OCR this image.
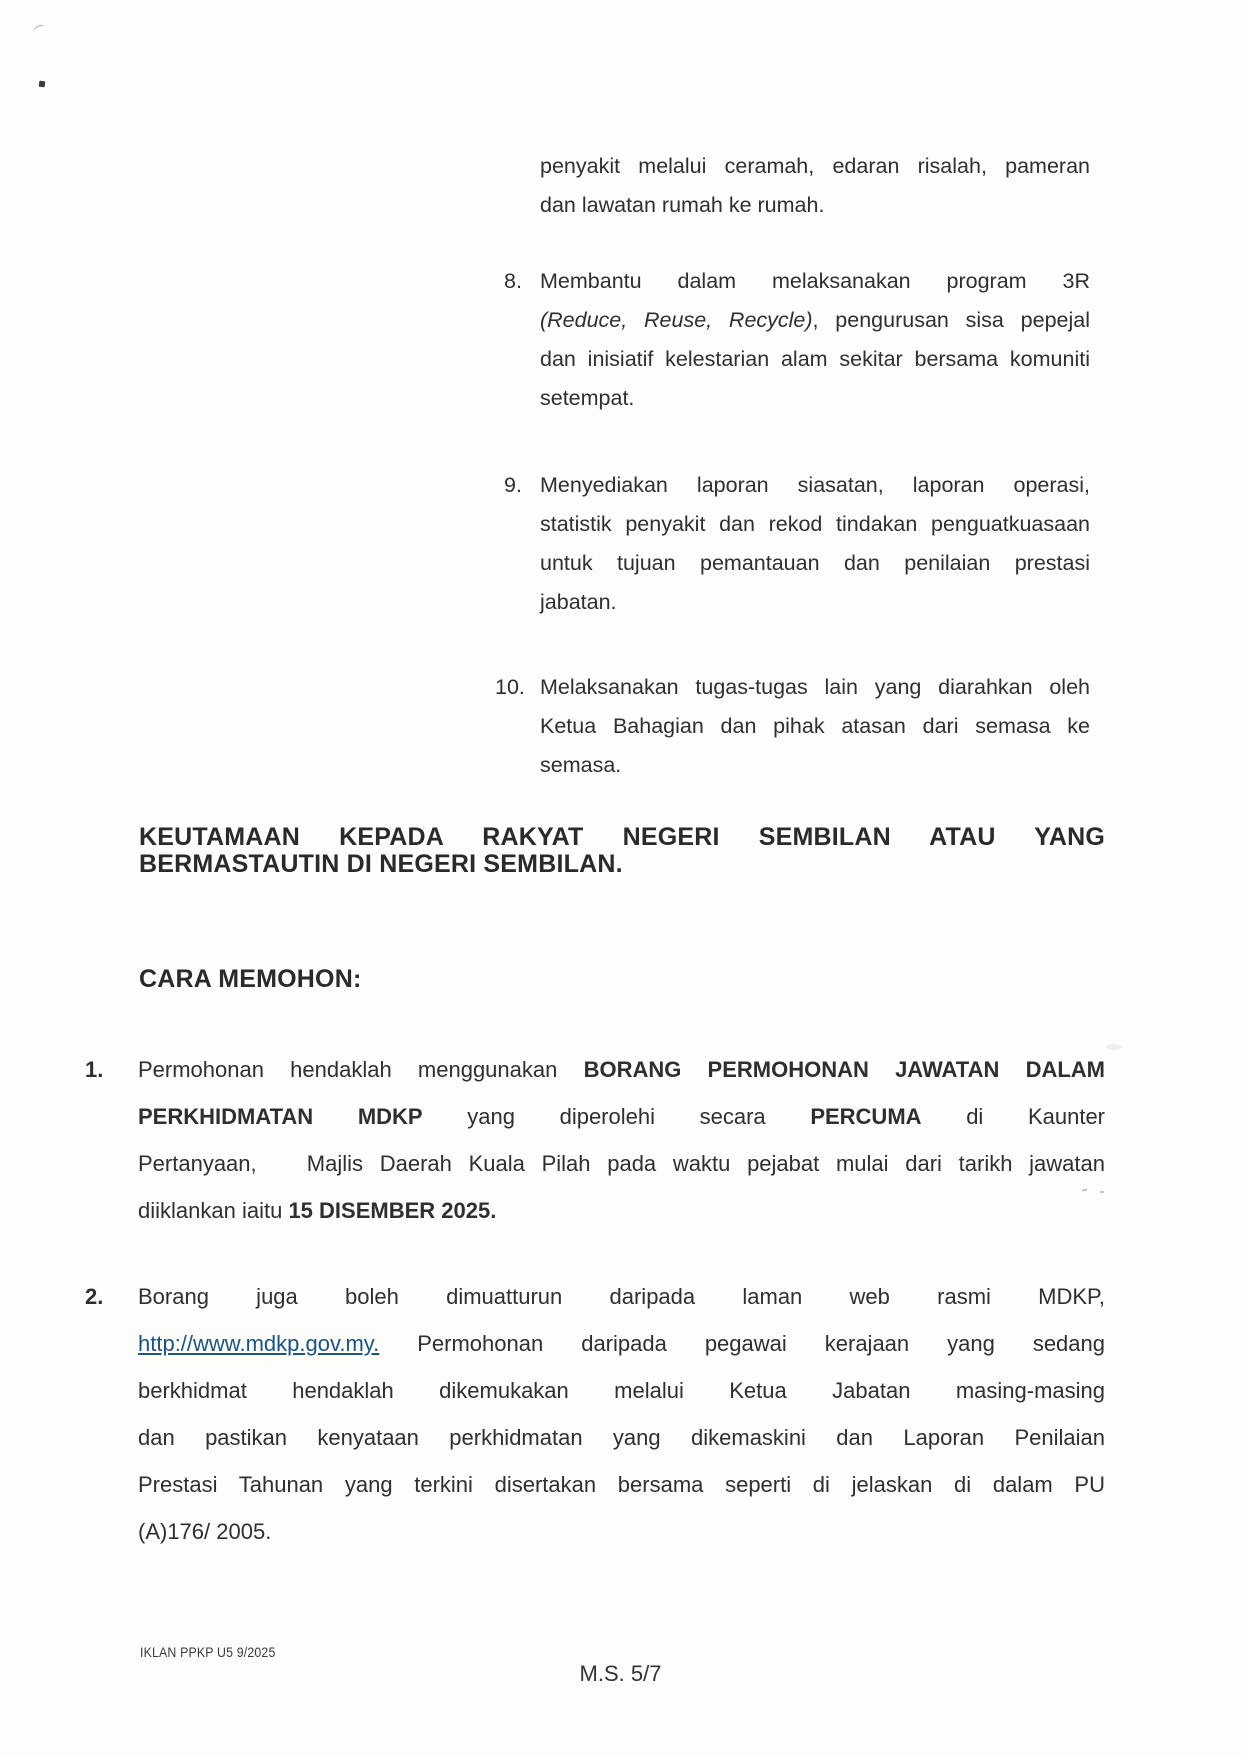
penyakit melalui ceramah, edaran risalah, pameran
dan lawatan rumah ke rumah.
8. Membantu dalam melaksanakan program 3R
(Reduce, Reuse, Recycle), pengurusan sisa pepejal
dan inisiatif kelestarian alam sekitar bersama komuniti
setempat.
9. Menyediakan laporan siasatan, laporan operasi,
statistik penyakit dan rekod tindakan penguatkuasaan
untuk tujuan pemantauan dan penilaian prestasi
jabatan.
10. Melaksanakan tugas-tugas lain yang diarahkan oleh
Ketua Bahagian dan pihak atasan dari semasa ke
semasa.
KEUTAMAAN KEPADA RAKYAT NEGERI SEMBILAN ATAU YANG
BERMASTAUTIN DI NEGERI SEMBILAN.
CARA MEMOHON:
1. Permohonan hendaklah menggunakan BORANG PERMOHONAN JAWATAN DALAM
PERKHIDMATAN MDKP yang diperolehi secara PERCUMA di Kaunter
Pertanyaan,   Majlis Daerah Kuala Pilah pada waktu pejabat mulai dari tarikh jawatan
diiklankan iaitu 15 DISEMBER 2025.
2. Borang juga boleh dimuatturun daripada laman web rasmi MDKP,
http://www.mdkp.gov.my. Permohonan daripada pegawai kerajaan yang sedang
berkhidmat hendaklah dikemukakan melalui Ketua Jabatan masing-masing
dan pastikan kenyataan perkhidmatan yang dikemaskini dan Laporan Penilaian
Prestasi Tahunan yang terkini disertakan bersama seperti di jelaskan di dalam PU
(A)176/ 2005.
IKLAN PPKP U5 9/2025
M.S. 5/7
